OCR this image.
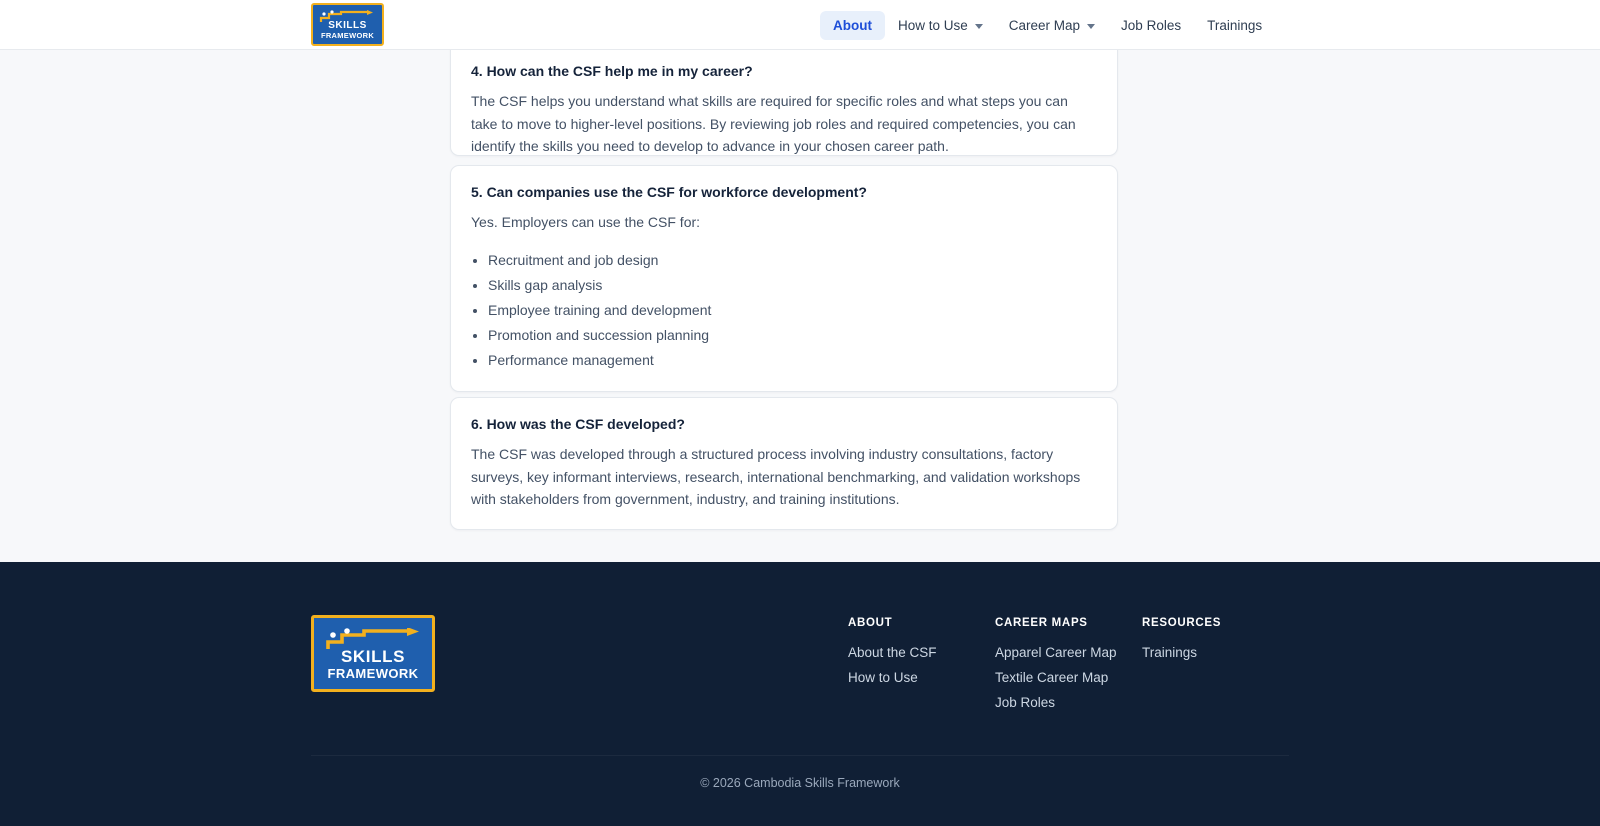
SKILLS
FRAMEWORK
About How to Use	Career Map	Job Roles Trainings
4. How can the CSF help me in my career?
The CSF helps you understand what skills are required for specific roles and what steps you can take to move to higher-level positions. By reviewing job roles and required competencies, you can identify the skills you need to develop to advance in your chosen career path.
5. Can companies use the CSF for workforce development?
Yes. Employers can use the CSF for:
• Recruitment and job design
• Skills gap analysis
• Employee training and development
• Promotion and succession planning
• Performance management
6. How was the CSF developed?
The CSF was developed through a structured process involving industry consultations, factory surveys, key informant interviews, research, international benchmarking, and validation workshops with stakeholders from government, industry, and training institutions.
SKILLS
FRAMEWORK
ABOUT
About the CSF
How to Use
CAREER MAPS
Apparel Career Map
Textile Career Map
Job Roles
RESOURCES
Trainings
© 2026 Cambodia Skills Framework
